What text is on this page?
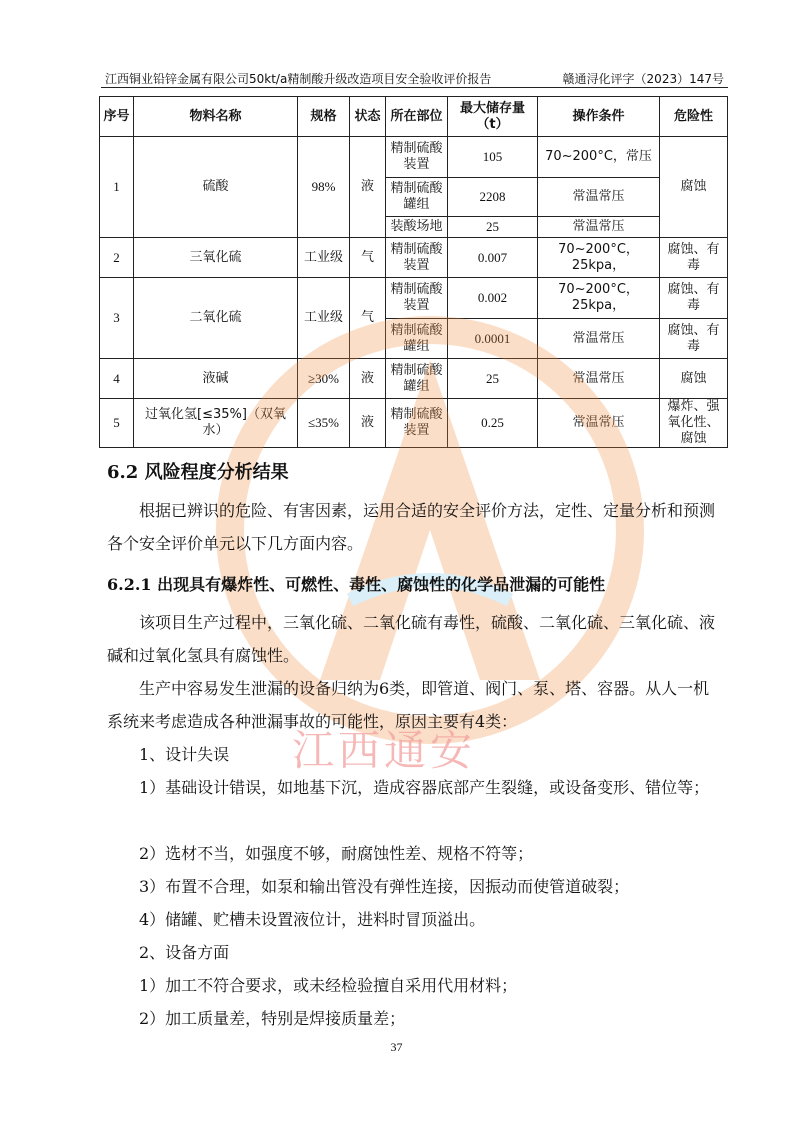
江西铜业铅锌金属有限公司50kt/a精制酸升级改造项目安全验收评价报告	赣通浔化评字（2023）147号
序号	物料名称	规格	状态	所在部位	最大储存量（t）	操作条件	危险性
1	硫酸	98%	液	精制硫酸装置	105	70~200°C，常压	腐蚀
				精制硫酸罐组	2208	常温常压	
				装酸场地	25	常温常压	
2	三氧化硫	工业级	气	精制硫酸装置	0.007	70~200°C，25kpa，	腐蚀、有毒
3	二氧化硫	工业级	气	精制硫酸装置	0.002	70~200°C，25kpa，	腐蚀、有毒
				精制硫酸罐组	0.0001	常温常压	腐蚀、有毒
4	液碱	≥30%	液	精制硫酸罐组	25	常温常压	腐蚀
5	过氧化氢[≤35%]（双氧水）	≤35%	液	精制硫酸装置	0.25	常温常压	爆炸、强氧化性、腐蚀
江西通安
6.2 风险程度分析结果
根据已辨识的危险、有害因素，运用合适的安全评价方法，定性、定量分析和预测各个安全评价单元以下几方面内容。
6.2.1 出现具有爆炸性、可燃性、毒性、腐蚀性的化学品泄漏的可能性
该项目生产过程中，三氧化硫、二氧化硫有毒性，硫酸、二氧化硫、三氧化硫、液碱和过氧化氢具有腐蚀性。
生产中容易发生泄漏的设备归纳为6类，即管道、阀门、泵、塔、容器。从人一机系统来考虑造成各种泄漏事故的可能性，原因主要有4类：
1、设计失误
1）基础设计错误，如地基下沉，造成容器底部产生裂缝，或设备变形、错位等；
2）选材不当，如强度不够，耐腐蚀性差、规格不符等；
3）布置不合理，如泵和输出管没有弹性连接，因振动而使管道破裂；
4）储罐、贮槽未设置液位计，进料时冒顶溢出。
2、设备方面
1）加工不符合要求，或未经检验擅自采用代用材料；
2）加工质量差，特别是焊接质量差；
37
